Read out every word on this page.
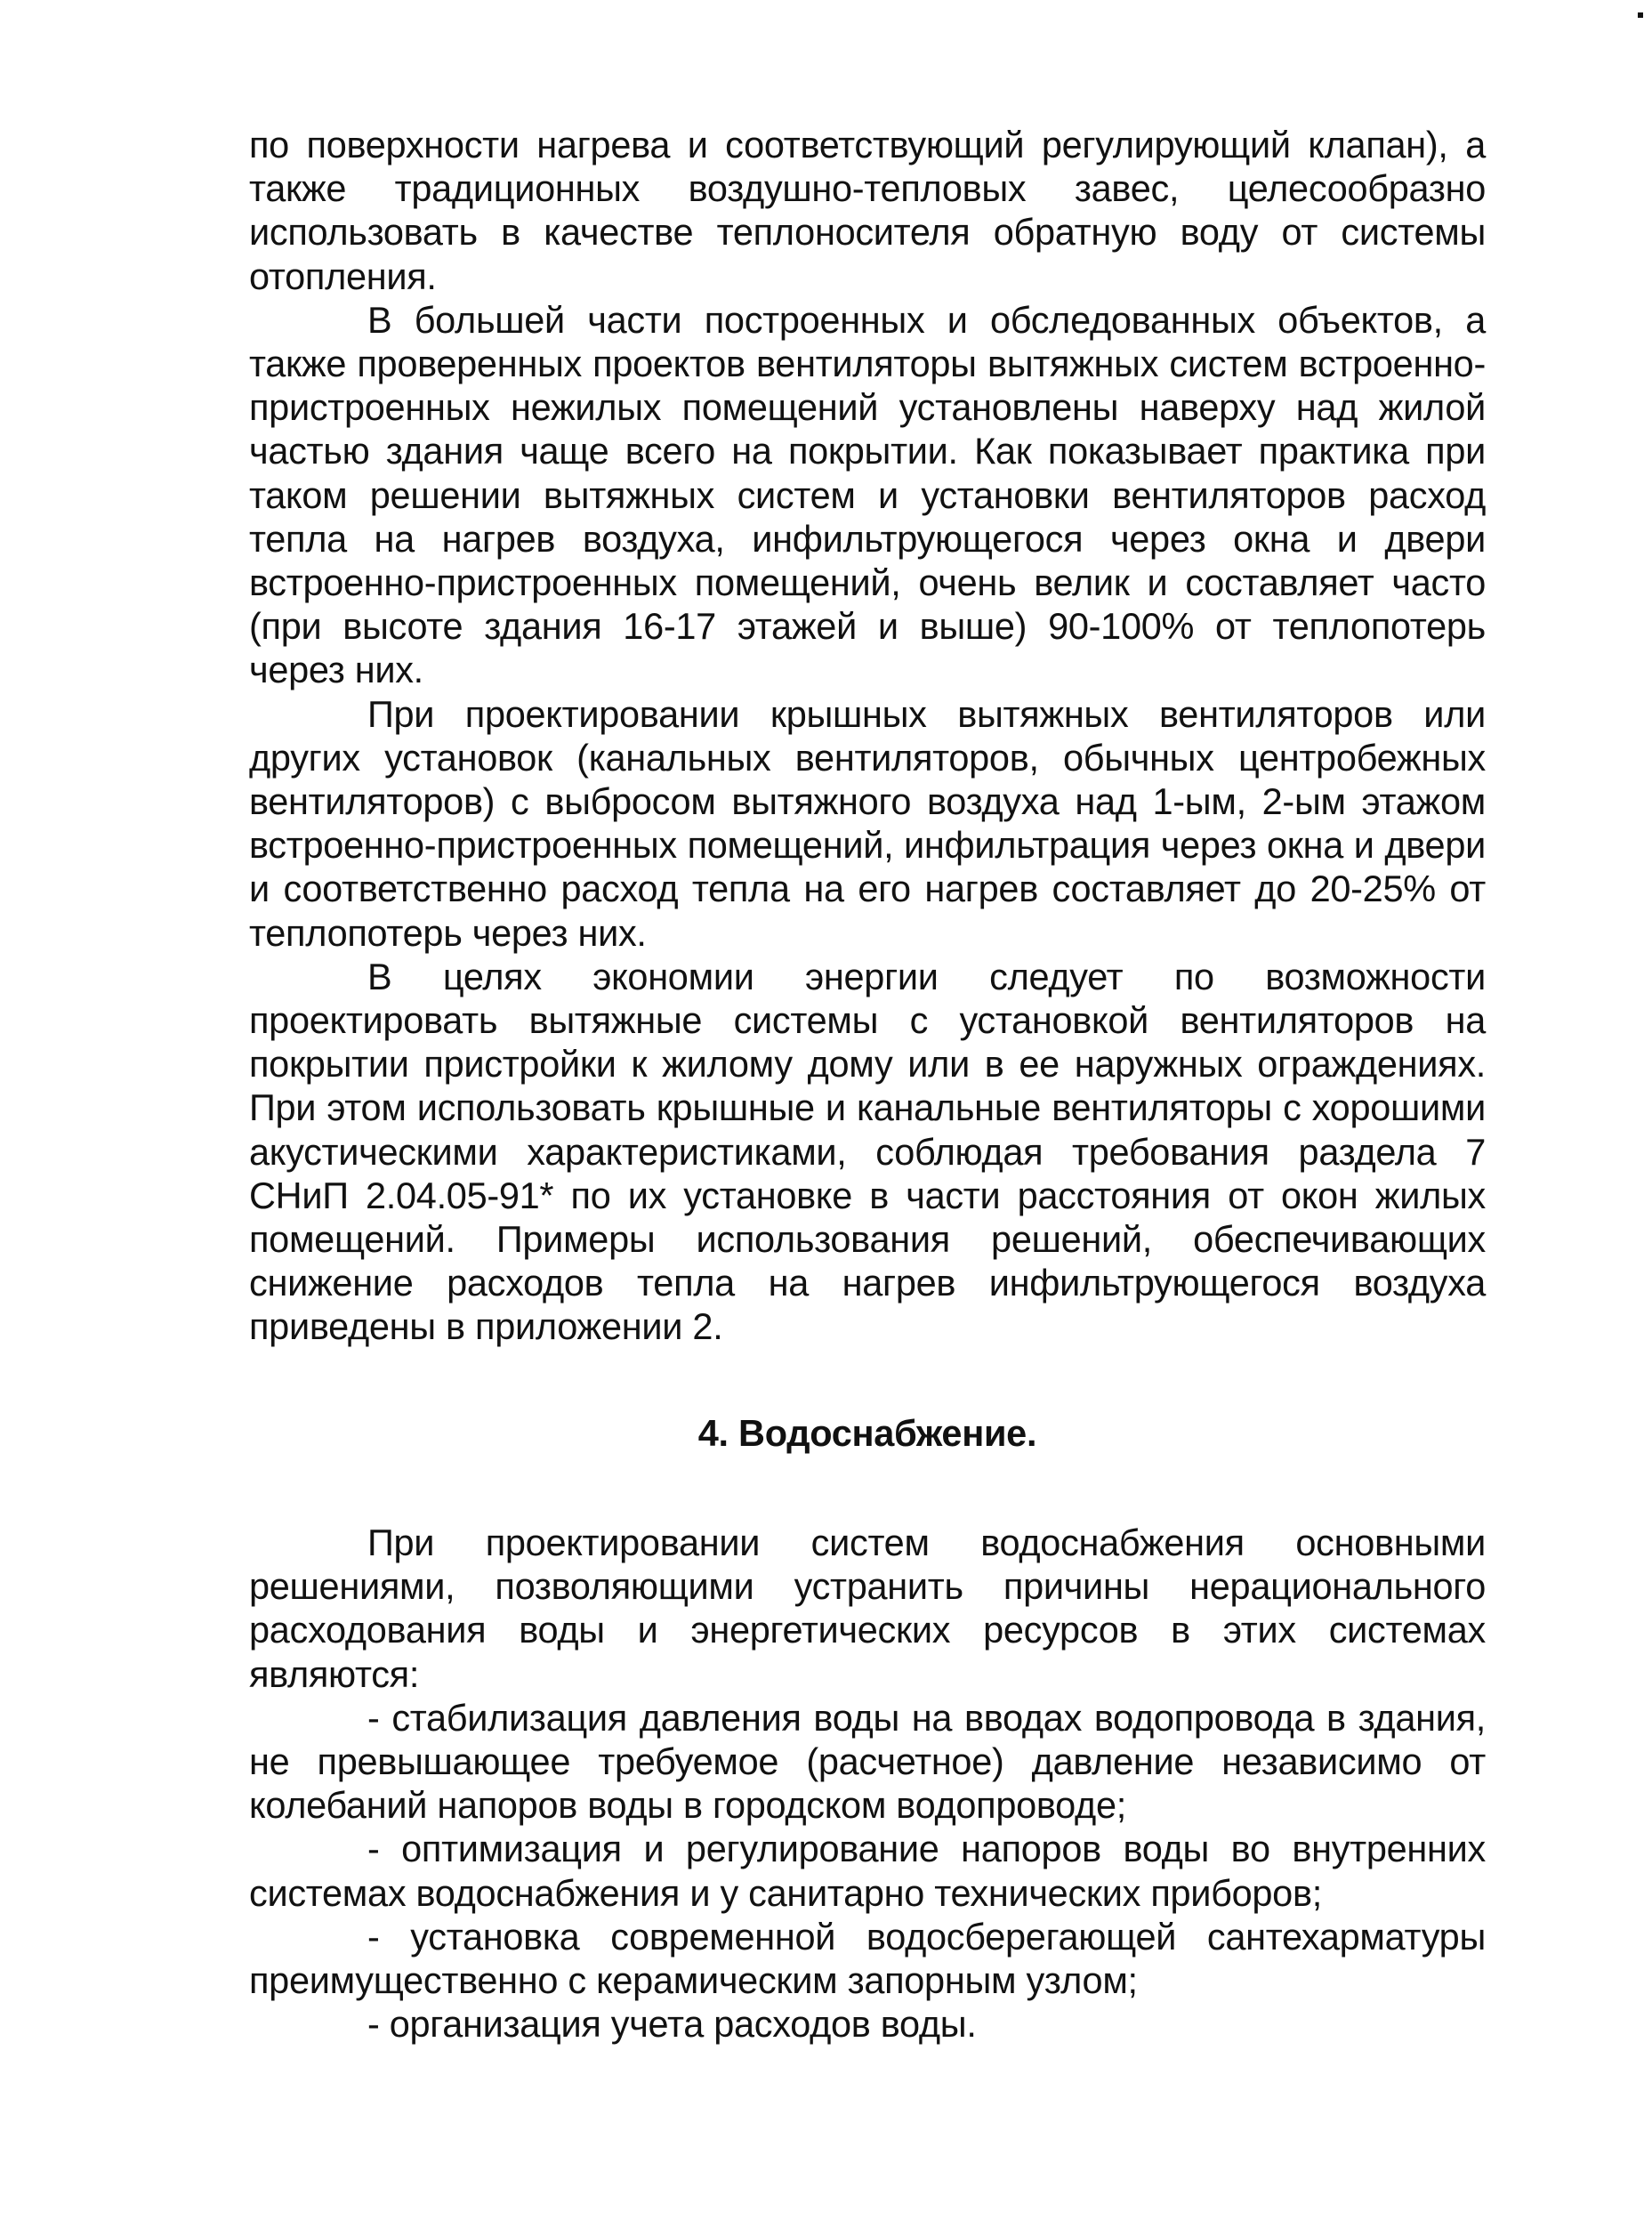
по поверхности нагрева и соответствующий регулирующий клапан), а также традиционных воздушно-тепловых завес, целесообразно использовать в качестве теплоносителя обратную воду от системы отопления.

В большей части построенных и обследованных объектов, а также проверенных проектов вентиляторы вытяжных систем встроенно-пристроенных нежилых помещений установлены наверху над жилой частью здания чаще всего на покрытии. Как показывает практика при таком решении вытяжных систем и установки вентиляторов расход тепла на нагрев воздуха, инфильтрующегося через окна и двери встроенно-пристроенных помещений, очень велик и составляет часто (при высоте здания 16-17 этажей и выше) 90-100% от теплопотерь через них.

При проектировании крышных вытяжных вентиляторов или других установок (канальных вентиляторов, обычных центробежных вентиляторов) с выбросом вытяжного воздуха над 1-ым, 2-ым этажом встроенно-пристроенных помещений, инфильтрация через окна и двери и соответственно расход тепла на его нагрев составляет до 20-25% от теплопотерь через них.

В целях экономии энергии следует по возможности проектировать вытяжные системы с установкой вентиляторов на покрытии пристройки к жилому дому или в ее наружных ограждениях. При этом использовать крышные и канальные вентиляторы с хорошими акустическими характеристиками, соблюдая требования раздела 7 СНиП 2.04.05-91* по их установке в части расстояния от окон жилых помещений. Примеры использования решений, обеспечивающих снижение расходов тепла на нагрев инфильтрующегося воздуха приведены в приложении 2.

4. Водоснабжение.

При проектировании систем водоснабжения основными решениями, позволяющими устранить причины нерационального расходования воды и энергетических ресурсов в этих системах являются:

- стабилизация давления воды на вводах водопровода в здания, не превышающее требуемое (расчетное) давление независимо от колебаний напоров воды в городском водопроводе;

- оптимизация и регулирование напоров воды во внутренних системах водоснабжения и у санитарно технических приборов;

- установка современной водосберегающей сантехарматуры преимущественно с керамическим запорным узлом;

- организация учета расходов воды.
